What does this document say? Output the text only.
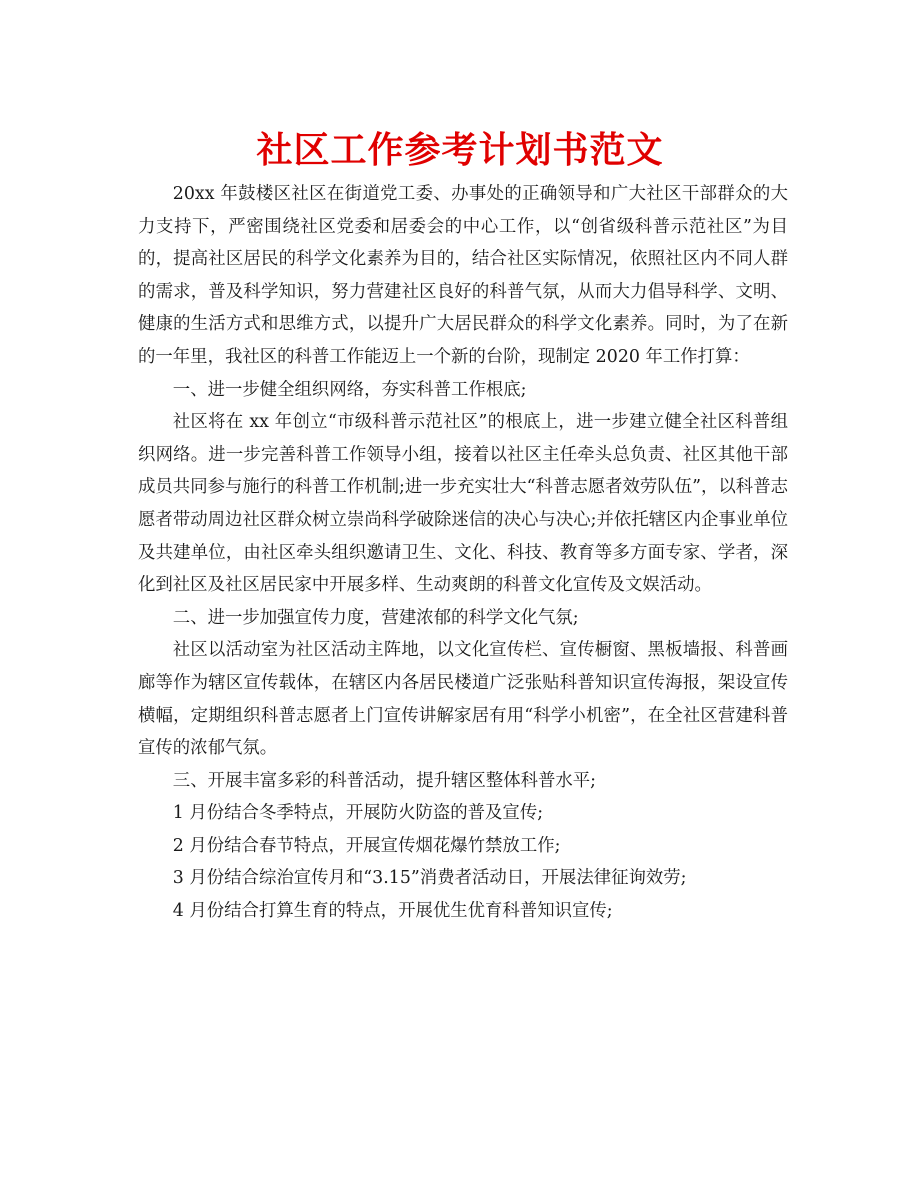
社区工作参考计划书范文

20xx 年鼓楼区社区在街道党工委、办事处的正确领导和广大社区干部群众的大力支持下，严密围绕社区党委和居委会的中心工作，以“创省级科普示范社区”为目的，提高社区居民的科学文化素养为目的，结合社区实际情况，依照社区内不同人群的需求，普及科学知识，努力营建社区良好的科普气氛，从而大力倡导科学、文明、健康的生活方式和思维方式，以提升广大居民群众的科学文化素养。同时，为了在新的一年里，我社区的科普工作能迈上一个新的台阶，现制定 2020 年工作打算：

一、进一步健全组织网络，夯实科普工作根底;

社区将在 xx 年创立“市级科普示范社区”的根底上，进一步建立健全社区科普组织网络。进一步完善科普工作领导小组，接着以社区主任牵头总负责、社区其他干部成员共同参与施行的科普工作机制;进一步充实壮大“科普志愿者效劳队伍”，以科普志愿者带动周边社区群众树立崇尚科学破除迷信的决心与决心;并依托辖区内企事业单位及共建单位，由社区牵头组织邀请卫生、文化、科技、教育等多方面专家、学者，深化到社区及社区居民家中开展多样、生动爽朗的科普文化宣传及文娱活动。

二、进一步加强宣传力度，营建浓郁的科学文化气氛;

社区以活动室为社区活动主阵地，以文化宣传栏、宣传橱窗、黑板墙报、科普画廊等作为辖区宣传载体，在辖区内各居民楼道广泛张贴科普知识宣传海报，架设宣传横幅，定期组织科普志愿者上门宣传讲解家居有用“科学小机密”，在全社区营建科普宣传的浓郁气氛。

三、开展丰富多彩的科普活动，提升辖区整体科普水平;

1 月份结合冬季特点，开展防火防盗的普及宣传;

2 月份结合春节特点，开展宣传烟花爆竹禁放工作;

3 月份结合综治宣传月和“3.15”消费者活动日，开展法律征询效劳;

4 月份结合打算生育的特点，开展优生优育科普知识宣传;
